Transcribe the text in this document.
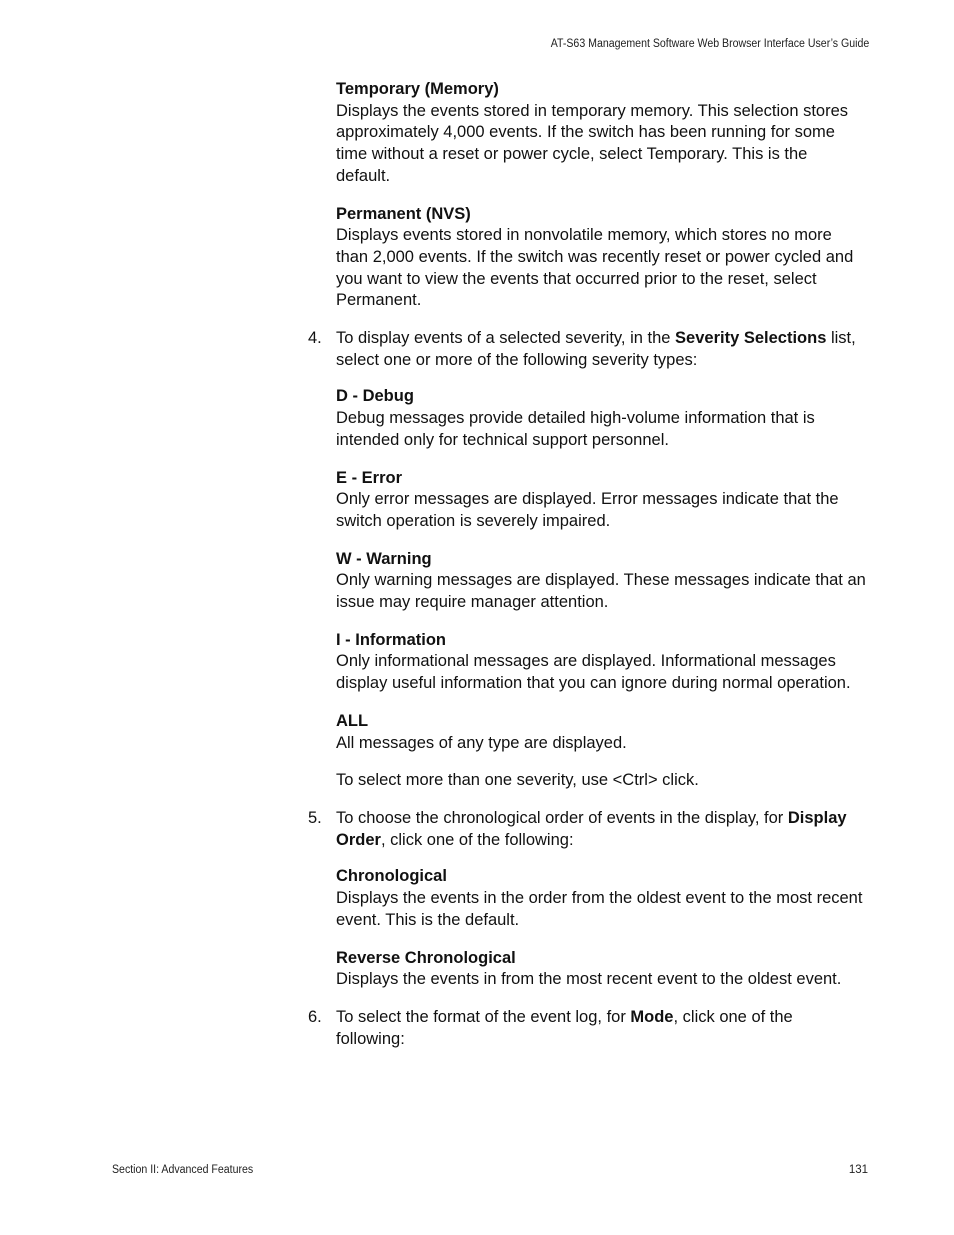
AT-S63 Management Software Web Browser Interface User’s Guide

Temporary (Memory)

Displays the events stored in temporary memory. This selection stores approximately 4,000 events. If the switch has been running for some time without a reset or power cycle, select Temporary. This is the default.

Permanent (NVS)

Displays events stored in nonvolatile memory, which stores no more than 2,000 events. If the switch was recently reset or power cycled and you want to view the events that occurred prior to the reset, select Permanent.

4. To display events of a selected severity, in the Severity Selections list, select one or more of the following severity types:

D - Debug

Debug messages provide detailed high-volume information that is intended only for technical support personnel.

E - Error

Only error messages are displayed. Error messages indicate that the switch operation is severely impaired.

W - Warning

Only warning messages are displayed. These messages indicate that an issue may require manager attention.

I - Information

Only informational messages are displayed. Informational messages display useful information that you can ignore during normal operation.

ALL

All messages of any type are displayed.

To select more than one severity, use <Ctrl> click.

5. To choose the chronological order of events in the display, for Display Order, click one of the following:

Chronological

Displays the events in the order from the oldest event to the most recent event. This is the default.

Reverse Chronological

Displays the events in from the most recent event to the oldest event.

6. To select the format of the event log, for Mode, click one of the following:

Section II: Advanced Features	131
